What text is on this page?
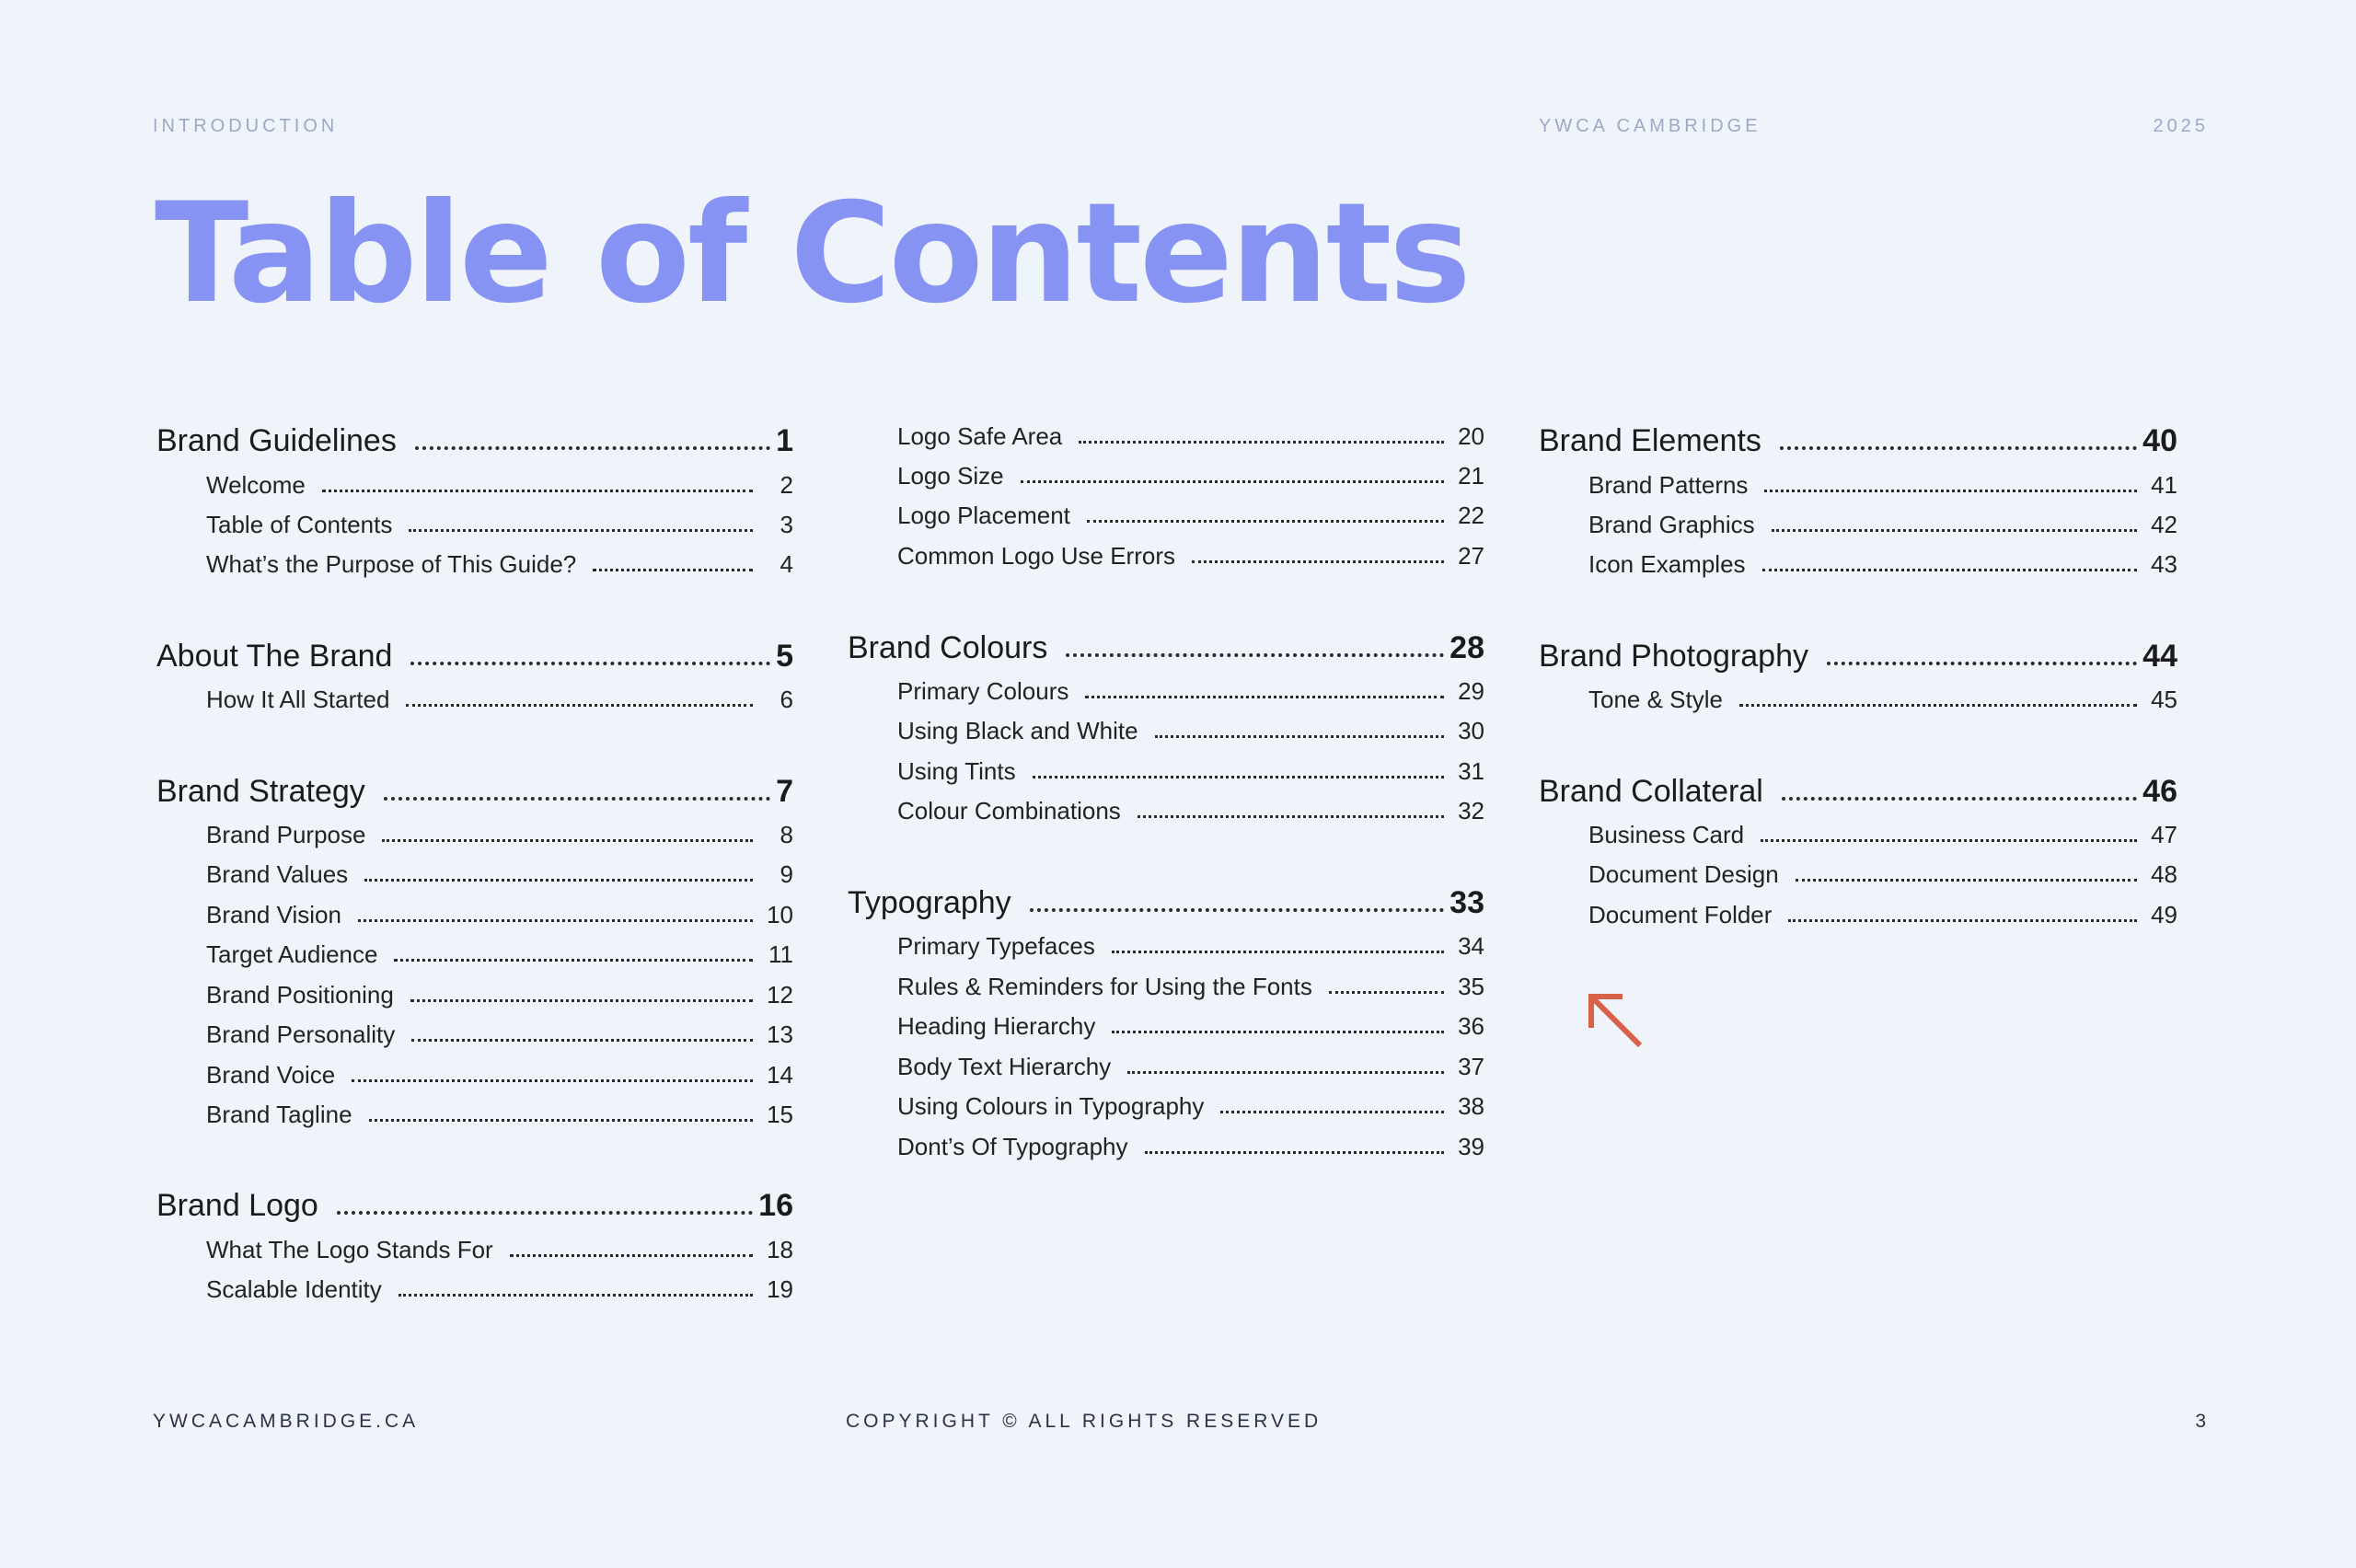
INTRODUCTION	YWCA CAMBRIDGE	2025
Table of Contents
Brand Guidelines	1
Welcome	2
Table of Contents	3
What’s the Purpose of This Guide?	4
About The Brand	5
How It All Started	6
Brand Strategy	7
Brand Purpose	8
Brand Values	9
Brand Vision	10
Target Audience	11
Brand Positioning	12
Brand Personality	13
Brand Voice	14
Brand Tagline	15
Brand Logo	16
What The Logo Stands For	18
Scalable Identity	19
Logo Safe Area	20
Logo Size	21
Logo Placement	22
Common Logo Use Errors	27
Brand Colours	28
Primary Colours	29
Using Black and White	30
Using Tints	31
Colour Combinations	32
Typography	33
Primary Typefaces	34
Rules & Reminders for Using the Fonts	35
Heading Hierarchy	36
Body Text Hierarchy	37
Using Colours in Typography	38
Dont’s Of Typography	39
Brand Elements	40
Brand Patterns	41
Brand Graphics	42
Icon Examples	43
Brand Photography	44
Tone & Style	45
Brand Collateral	46
Business Card	47
Document Design	48
Document Folder	49
YWCACAMBRIDGE.CA	COPYRIGHT © ALL RIGHTS RESERVED	3
